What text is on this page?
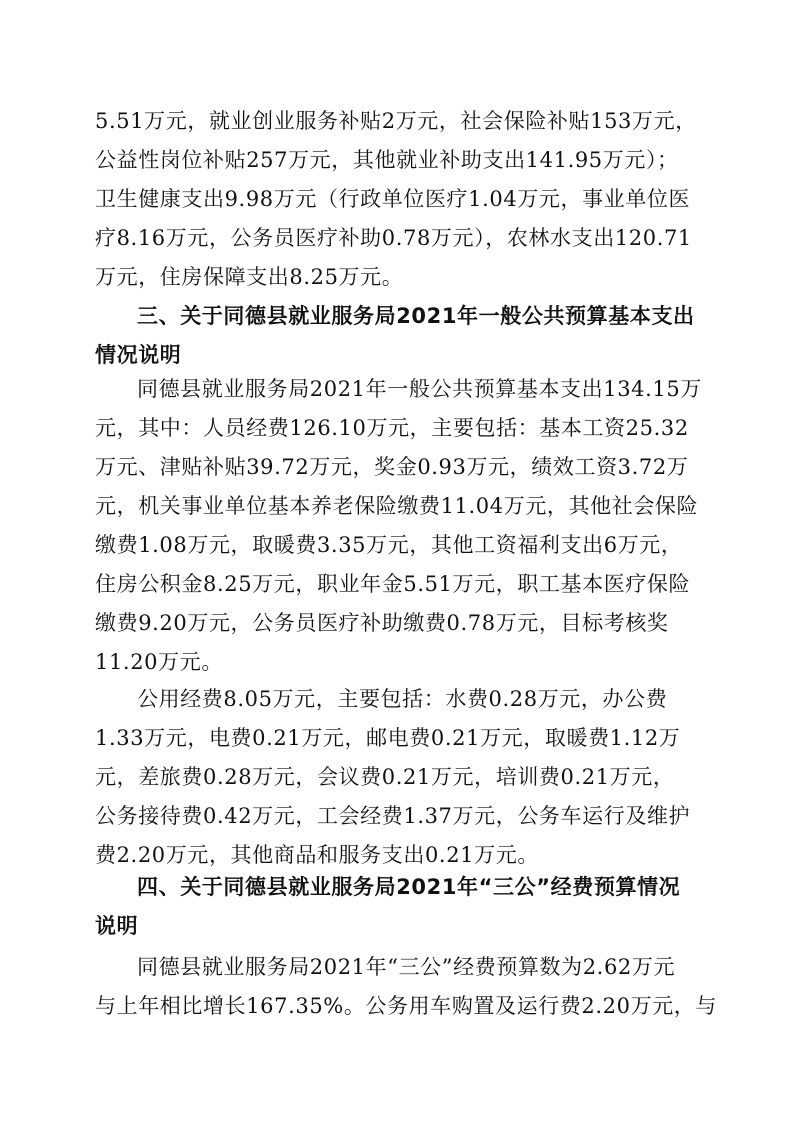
5.51万元，就业创业服务补贴2万元，社会保险补贴153万元，
公益性岗位补贴257万元，其他就业补助支出141.95万元）；
卫生健康支出9.98万元（行政单位医疗1.04万元，事业单位医
疗8.16万元，公务员医疗补助0.78万元），农林水支出120.71
万元，住房保障支出8.25万元。
三、关于同德县就业服务局2021年一般公共预算基本支出
情况说明
同德县就业服务局2021年一般公共预算基本支出134.15万
元，其中：人员经费126.10万元，主要包括：基本工资25.32
万元、津贴补贴39.72万元，奖金0.93万元，绩效工资3.72万
元，机关事业单位基本养老保险缴费11.04万元，其他社会保险
缴费1.08万元，取暖费3.35万元，其他工资福利支出6万元，
住房公积金8.25万元，职业年金5.51万元，职工基本医疗保险
缴费9.20万元，公务员医疗补助缴费0.78万元，目标考核奖
11.20万元。
公用经费8.05万元，主要包括：水费0.28万元，办公费
1.33万元，电费0.21万元，邮电费0.21万元，取暖费1.12万
元，差旅费0.28万元，会议费0.21万元，培训费0.21万元，
公务接待费0.42万元，工会经费1.37万元，公务车运行及维护
费2.20万元，其他商品和服务支出0.21万元。
四、关于同德县就业服务局2021年“三公”经费预算情况
说明
同德县就业服务局2021年“三公”经费预算数为2.62万元
与上年相比增长167.35%。公务用车购置及运行费2.20万元，与
